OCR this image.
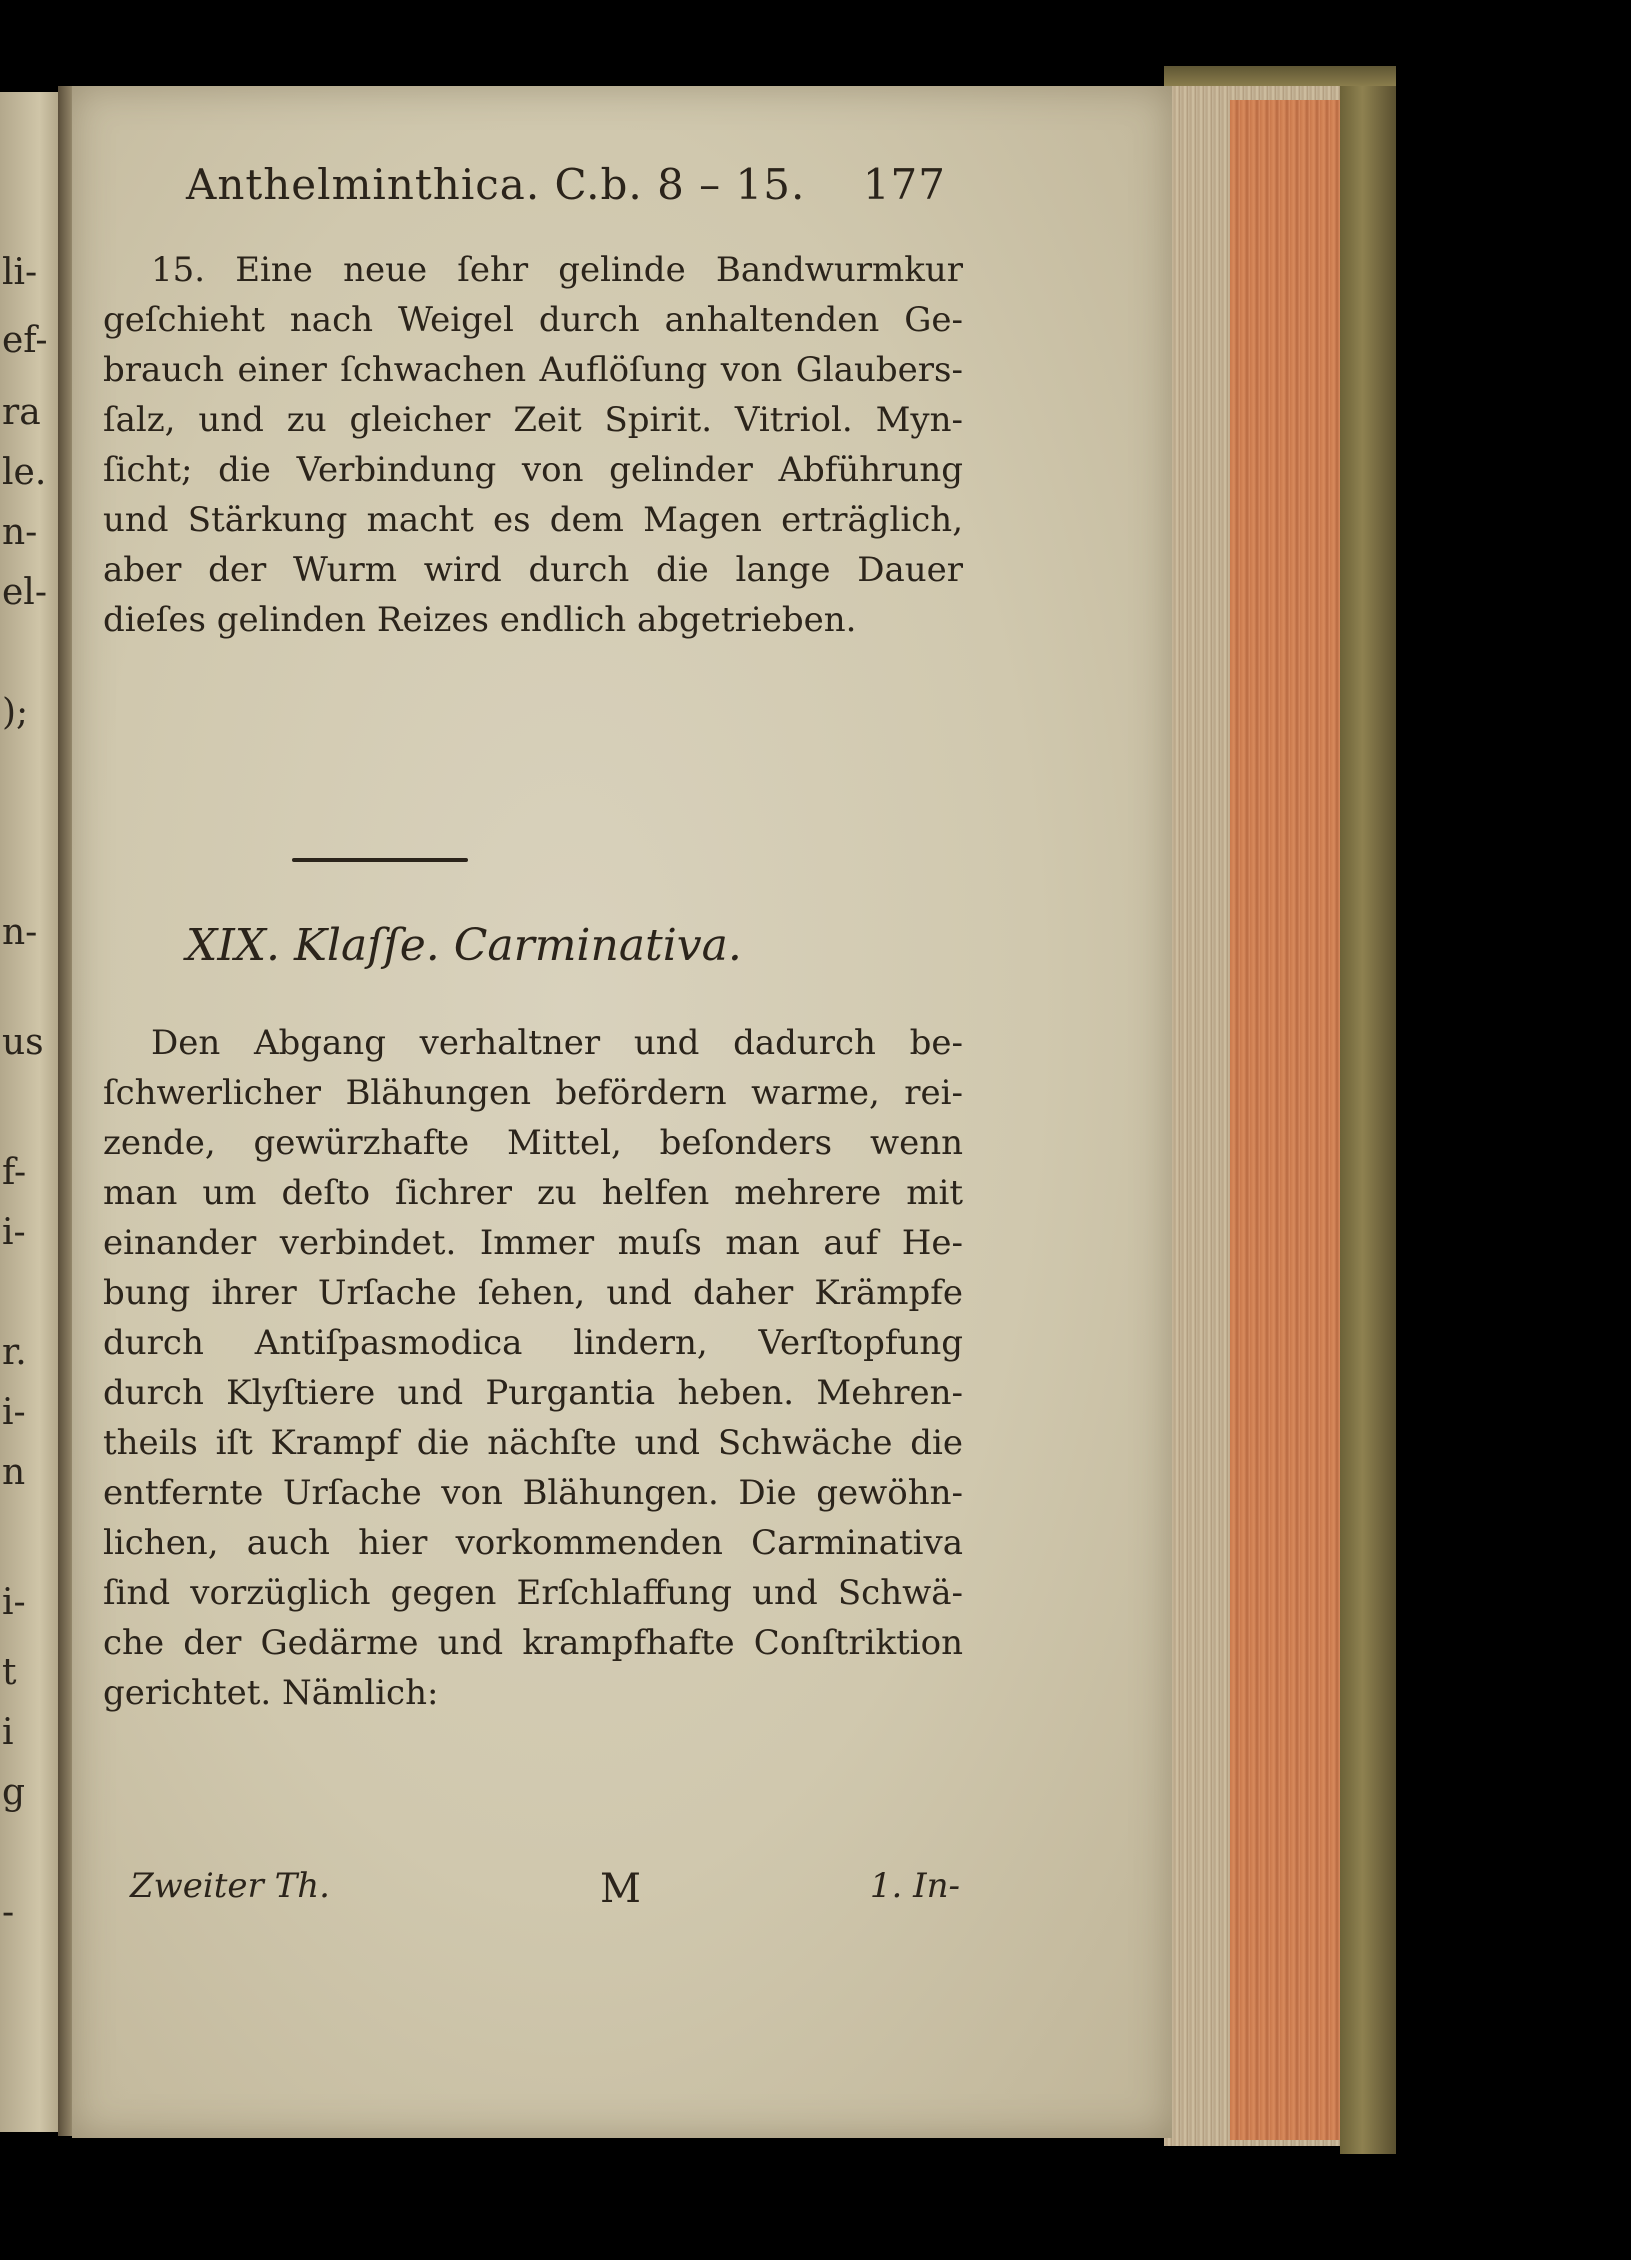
li-
ef-
ra
le.
n-
el-
);
n-
us
f-
i-
r.
i-
n
i-
t
i
g
-
Anthelminthica. C.b. 8 – 15. 177
15. Eine neue ſehr gelinde Bandwurmkur
geſchieht nach Weigel durch anhaltenden Ge-
brauch einer ſchwachen Auflöſung von Glaubers-
ſalz, und zu gleicher Zeit Spirit. Vitriol. Myn-
ſicht; die Verbindung von gelinder Abführung
und Stärkung macht es dem Magen erträglich,
aber der Wurm wird durch die lange Dauer
dieſes gelinden Reizes endlich abgetrieben.
XIX. Klaſſe. Carminativa.
Den Abgang verhaltner und dadurch be-
ſchwerlicher Blähungen befördern warme, rei-
zende, gewürzhafte Mittel, beſonders wenn
man um deſto ſichrer zu helfen mehrere mit
einander verbindet. Immer muſs man auf He-
bung ihrer Urſache ſehen, und daher Krämpfe
durch Antiſpasmodica lindern, Verſtopfung
durch Klyſtiere und Purgantia heben. Mehren-
theils iſt Krampf die nächſte und Schwäche die
entfernte Urſache von Blähungen. Die gewöhn-
lichen, auch hier vorkommenden Carminativa
ſind vorzüglich gegen Erſchlaffung und Schwä-
che der Gedärme und krampfhafte Conſtriktion
gerichtet. Nämlich:
Zweiter Th.	M	1. In-
